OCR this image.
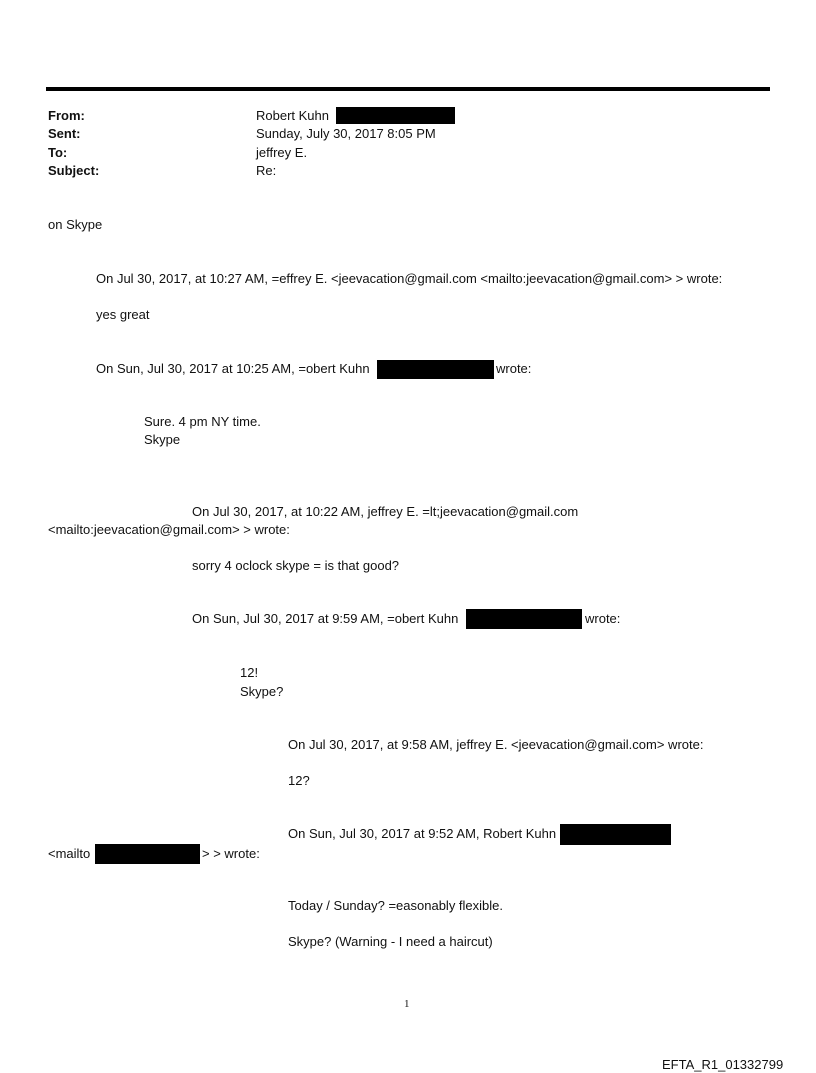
From:	Robert Kuhn
Sent:	Sunday, July 30, 2017 8:05 PM
To:	jeffrey E.
Subject:	Re:
on Skype
On Jul 30, 2017, at 10:27 AM, =effrey E. <jeevacation@gmail.com <mailto:jeevacation@gmail.com> > wrote:
yes great
On Sun, Jul 30, 2017 at 10:25 AM, =obert Kuhn	wrote:
Sure. 4 pm NY time.
Skype
On Jul 30, 2017, at 10:22 AM, jeffrey E. =lt;jeevacation@gmail.com
<mailto:jeevacation@gmail.com> > wrote:
sorry 4 oclock skype = is that good?
On Sun, Jul 30, 2017 at 9:59 AM, =obert Kuhn	wrote:
12!
Skype?
On Jul 30, 2017, at 9:58 AM, jeffrey E. <jeevacation@gmail.com> wrote:
12?
On Sun, Jul 30, 2017 at 9:52 AM, Robert Kuhn
<mailto	> > wrote:
Today / Sunday? =easonably flexible.
Skype? (Warning - I need a haircut)
1
EFTA_R1_01332799
